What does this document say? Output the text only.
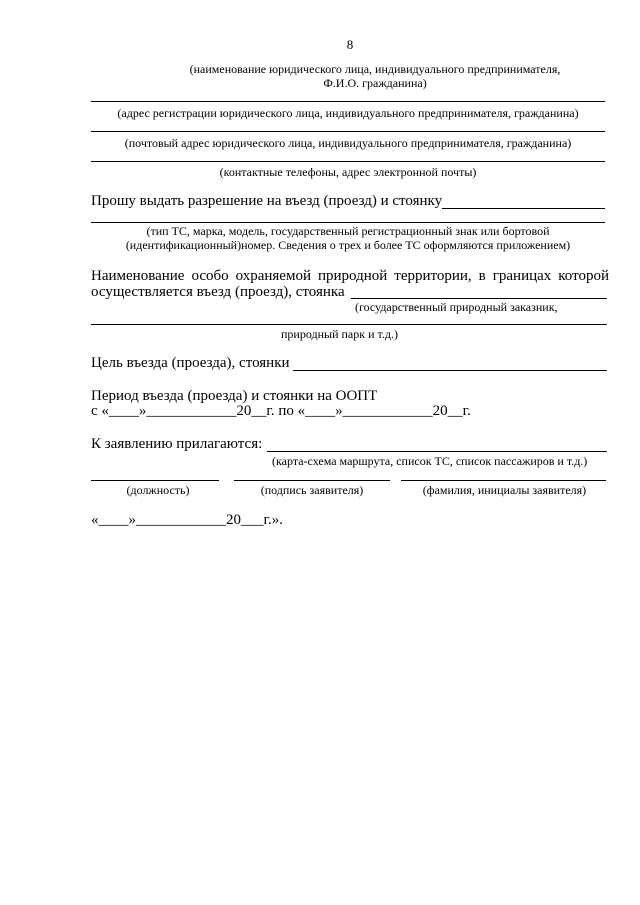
8
(наименование юридического лица, индивидуального предпринимателя,
Ф.И.О. гражданина)
(адрес регистрации юридического лица, индивидуального предпринимателя, гражданина)
(почтовый адрес юридического лица, индивидуального предпринимателя, гражданина)
(контактные телефоны, адрес электронной почты)
Прошу выдать разрешение на въезд (проезд) и стоянку
(тип ТС, марка, модель, государственный регистрационный знак или бортовой
(идентификационный)номер. Сведения о трех и более ТС оформляются приложением)
Наименование особо охраняемой природной территории, в границах которой
осуществляется въезд (проезд), стоянка
(государственный природный заказник,
природный парк и т.д.)
Цель въезда (проезда), стоянки
Период въезда (проезда) и стоянки на ООПТ
с «____»____________20__г. по «____»____________20__г.
К заявлению прилагаются:
(карта-схема маршрута, список ТС, список пассажиров и т.д.)
(должность)	(подпись заявителя)	(фамилия, инициалы заявителя)
«____»____________20___г.».
